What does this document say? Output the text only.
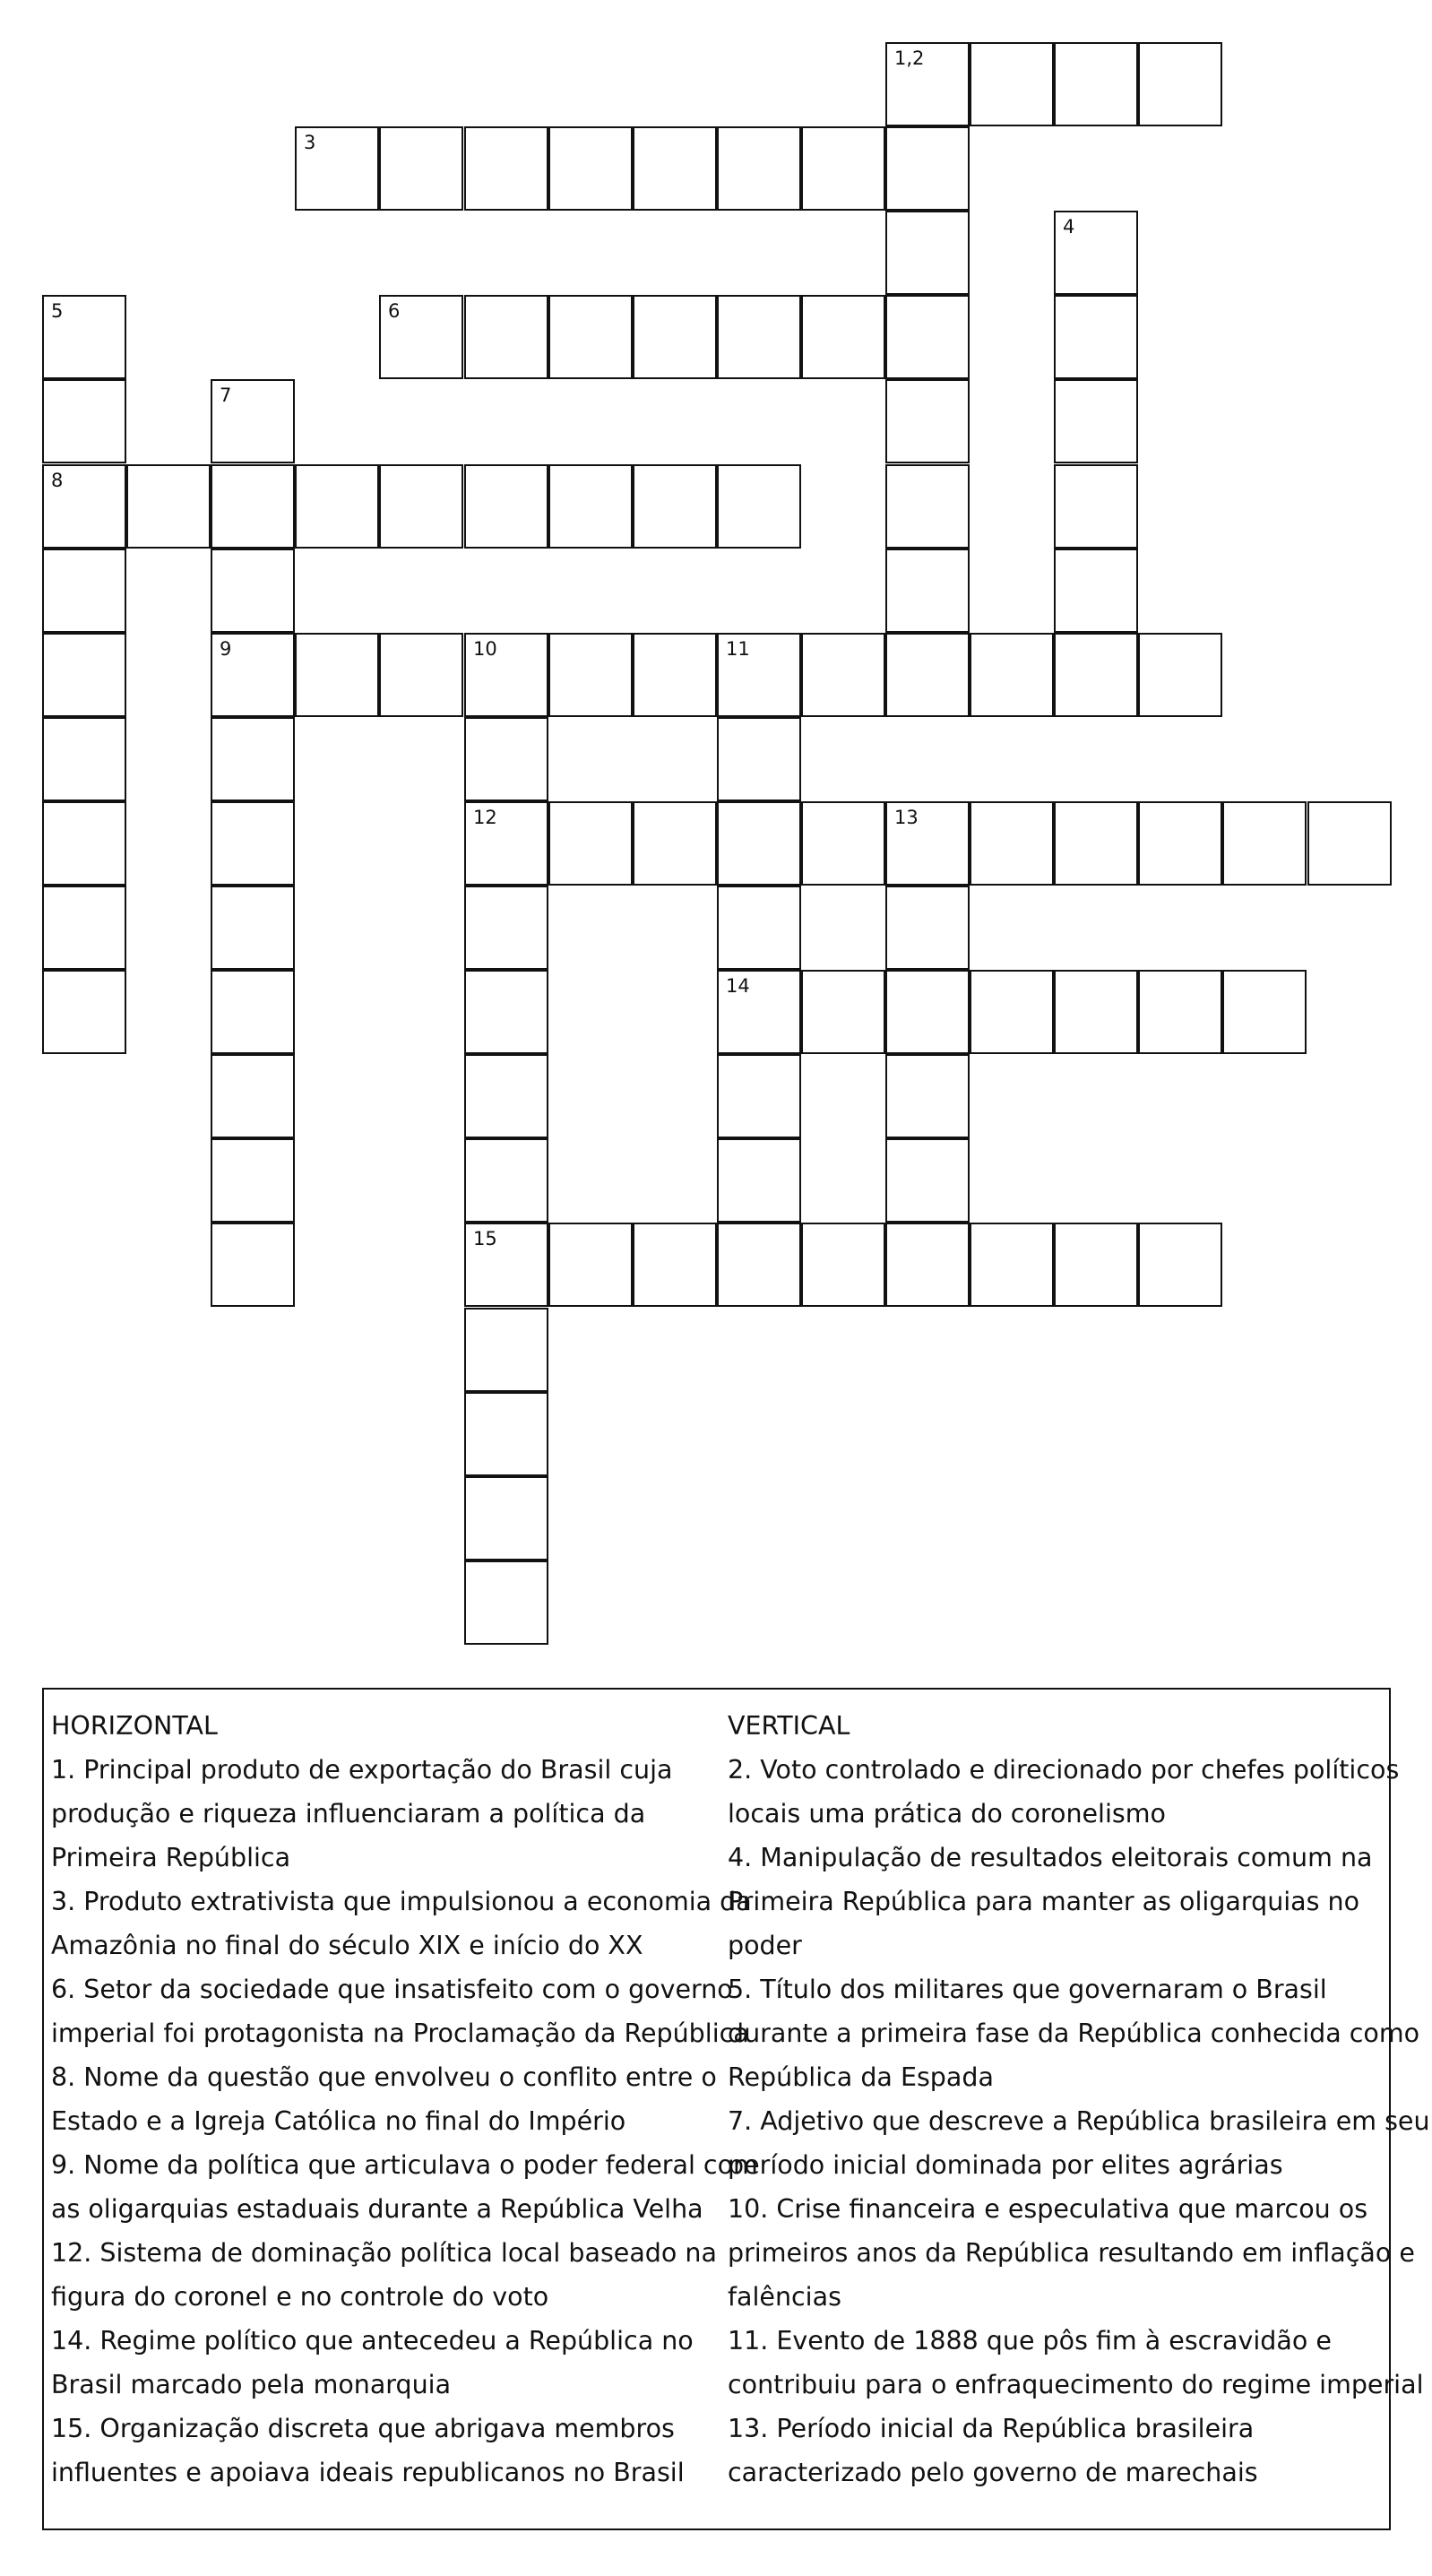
1,2
3
4
5	6
7
8
9	10	11
12	13
14
15
HORIZONTAL
1. Principal produto de exportação do Brasil cuja
produção e riqueza influenciaram a política da
Primeira República
3. Produto extrativista que impulsionou a economia da
Amazônia no final do século XIX e início do XX
6. Setor da sociedade que insatisfeito com o governo
imperial foi protagonista na Proclamação da República
8. Nome da questão que envolveu o conflito entre o
Estado e a Igreja Católica no final do Império
9. Nome da política que articulava o poder federal com
as oligarquias estaduais durante a República Velha
12. Sistema de dominação política local baseado na
figura do coronel e no controle do voto
14. Regime político que antecedeu a República no
Brasil marcado pela monarquia
15. Organização discreta que abrigava membros
influentes e apoiava ideais republicanos no Brasil
VERTICAL
2. Voto controlado e direcionado por chefes políticos
locais uma prática do coronelismo
4. Manipulação de resultados eleitorais comum na
Primeira República para manter as oligarquias no
poder
5. Título dos militares que governaram o Brasil
durante a primeira fase da República conhecida como
República da Espada
7. Adjetivo que descreve a República brasileira em seu
período inicial dominada por elites agrárias
10. Crise financeira e especulativa que marcou os
primeiros anos da República resultando em inflação e
falências
11. Evento de 1888 que pôs fim à escravidão e
contribuiu para o enfraquecimento do regime imperial
13. Período inicial da República brasileira
caracterizado pelo governo de marechais
